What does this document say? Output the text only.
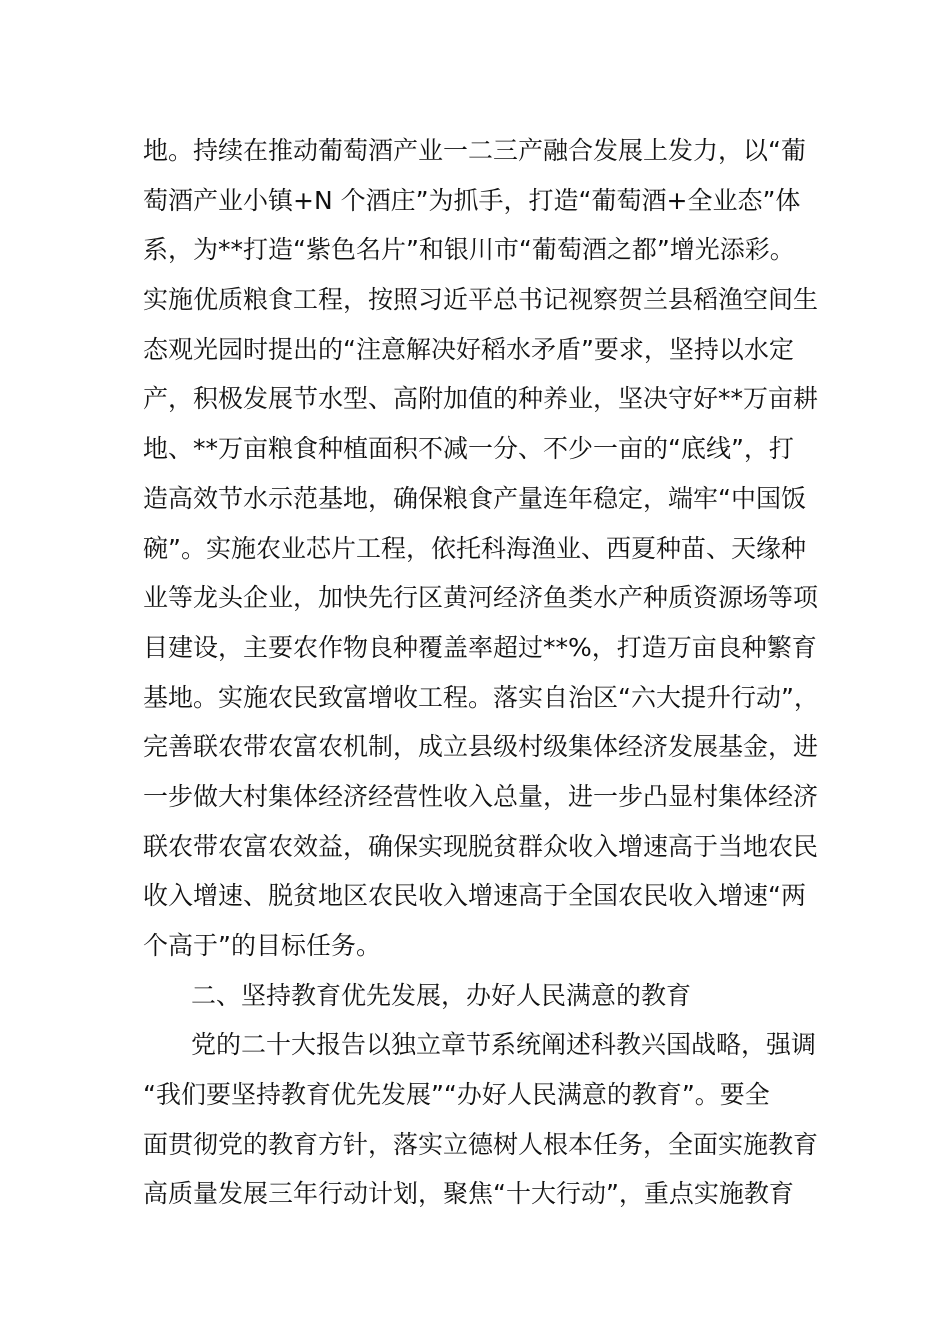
地。持续在推动葡萄酒产业一二三产融合发展上发力，以“葡
萄酒产业小镇+N 个酒庄”为抓手，打造“葡萄酒+全业态”体
系，为**打造“紫色名片”和银川市“葡萄酒之都”增光添彩。
实施优质粮食工程，按照习近平总书记视察贺兰县稻渔空间生
态观光园时提出的“注意解决好稻水矛盾”要求，坚持以水定
产，积极发展节水型、高附加值的种养业，坚决守好**万亩耕
地、**万亩粮食种植面积不减一分、不少一亩的“底线”，打
造高效节水示范基地，确保粮食产量连年稳定，端牢“中国饭
碗”。实施农业芯片工程，依托科海渔业、西夏种苗、天缘种
业等龙头企业，加快先行区黄河经济鱼类水产种质资源场等项
目建设，主要农作物良种覆盖率超过**%，打造万亩良种繁育
基地。实施农民致富增收工程。落实自治区“六大提升行动”，
完善联农带农富农机制，成立县级村级集体经济发展基金，进
一步做大村集体经济经营性收入总量，进一步凸显村集体经济
联农带农富农效益，确保实现脱贫群众收入增速高于当地农民
收入增速、脱贫地区农民收入增速高于全国农民收入增速“两
个高于”的目标任务。
二、坚持教育优先发展，办好人民满意的教育
党的二十大报告以独立章节系统阐述科教兴国战略，强调
“我们要坚持教育优先发展”“办好人民满意的教育”。要全
面贯彻党的教育方针，落实立德树人根本任务，全面实施教育
高质量发展三年行动计划，聚焦“十大行动”，重点实施教育
